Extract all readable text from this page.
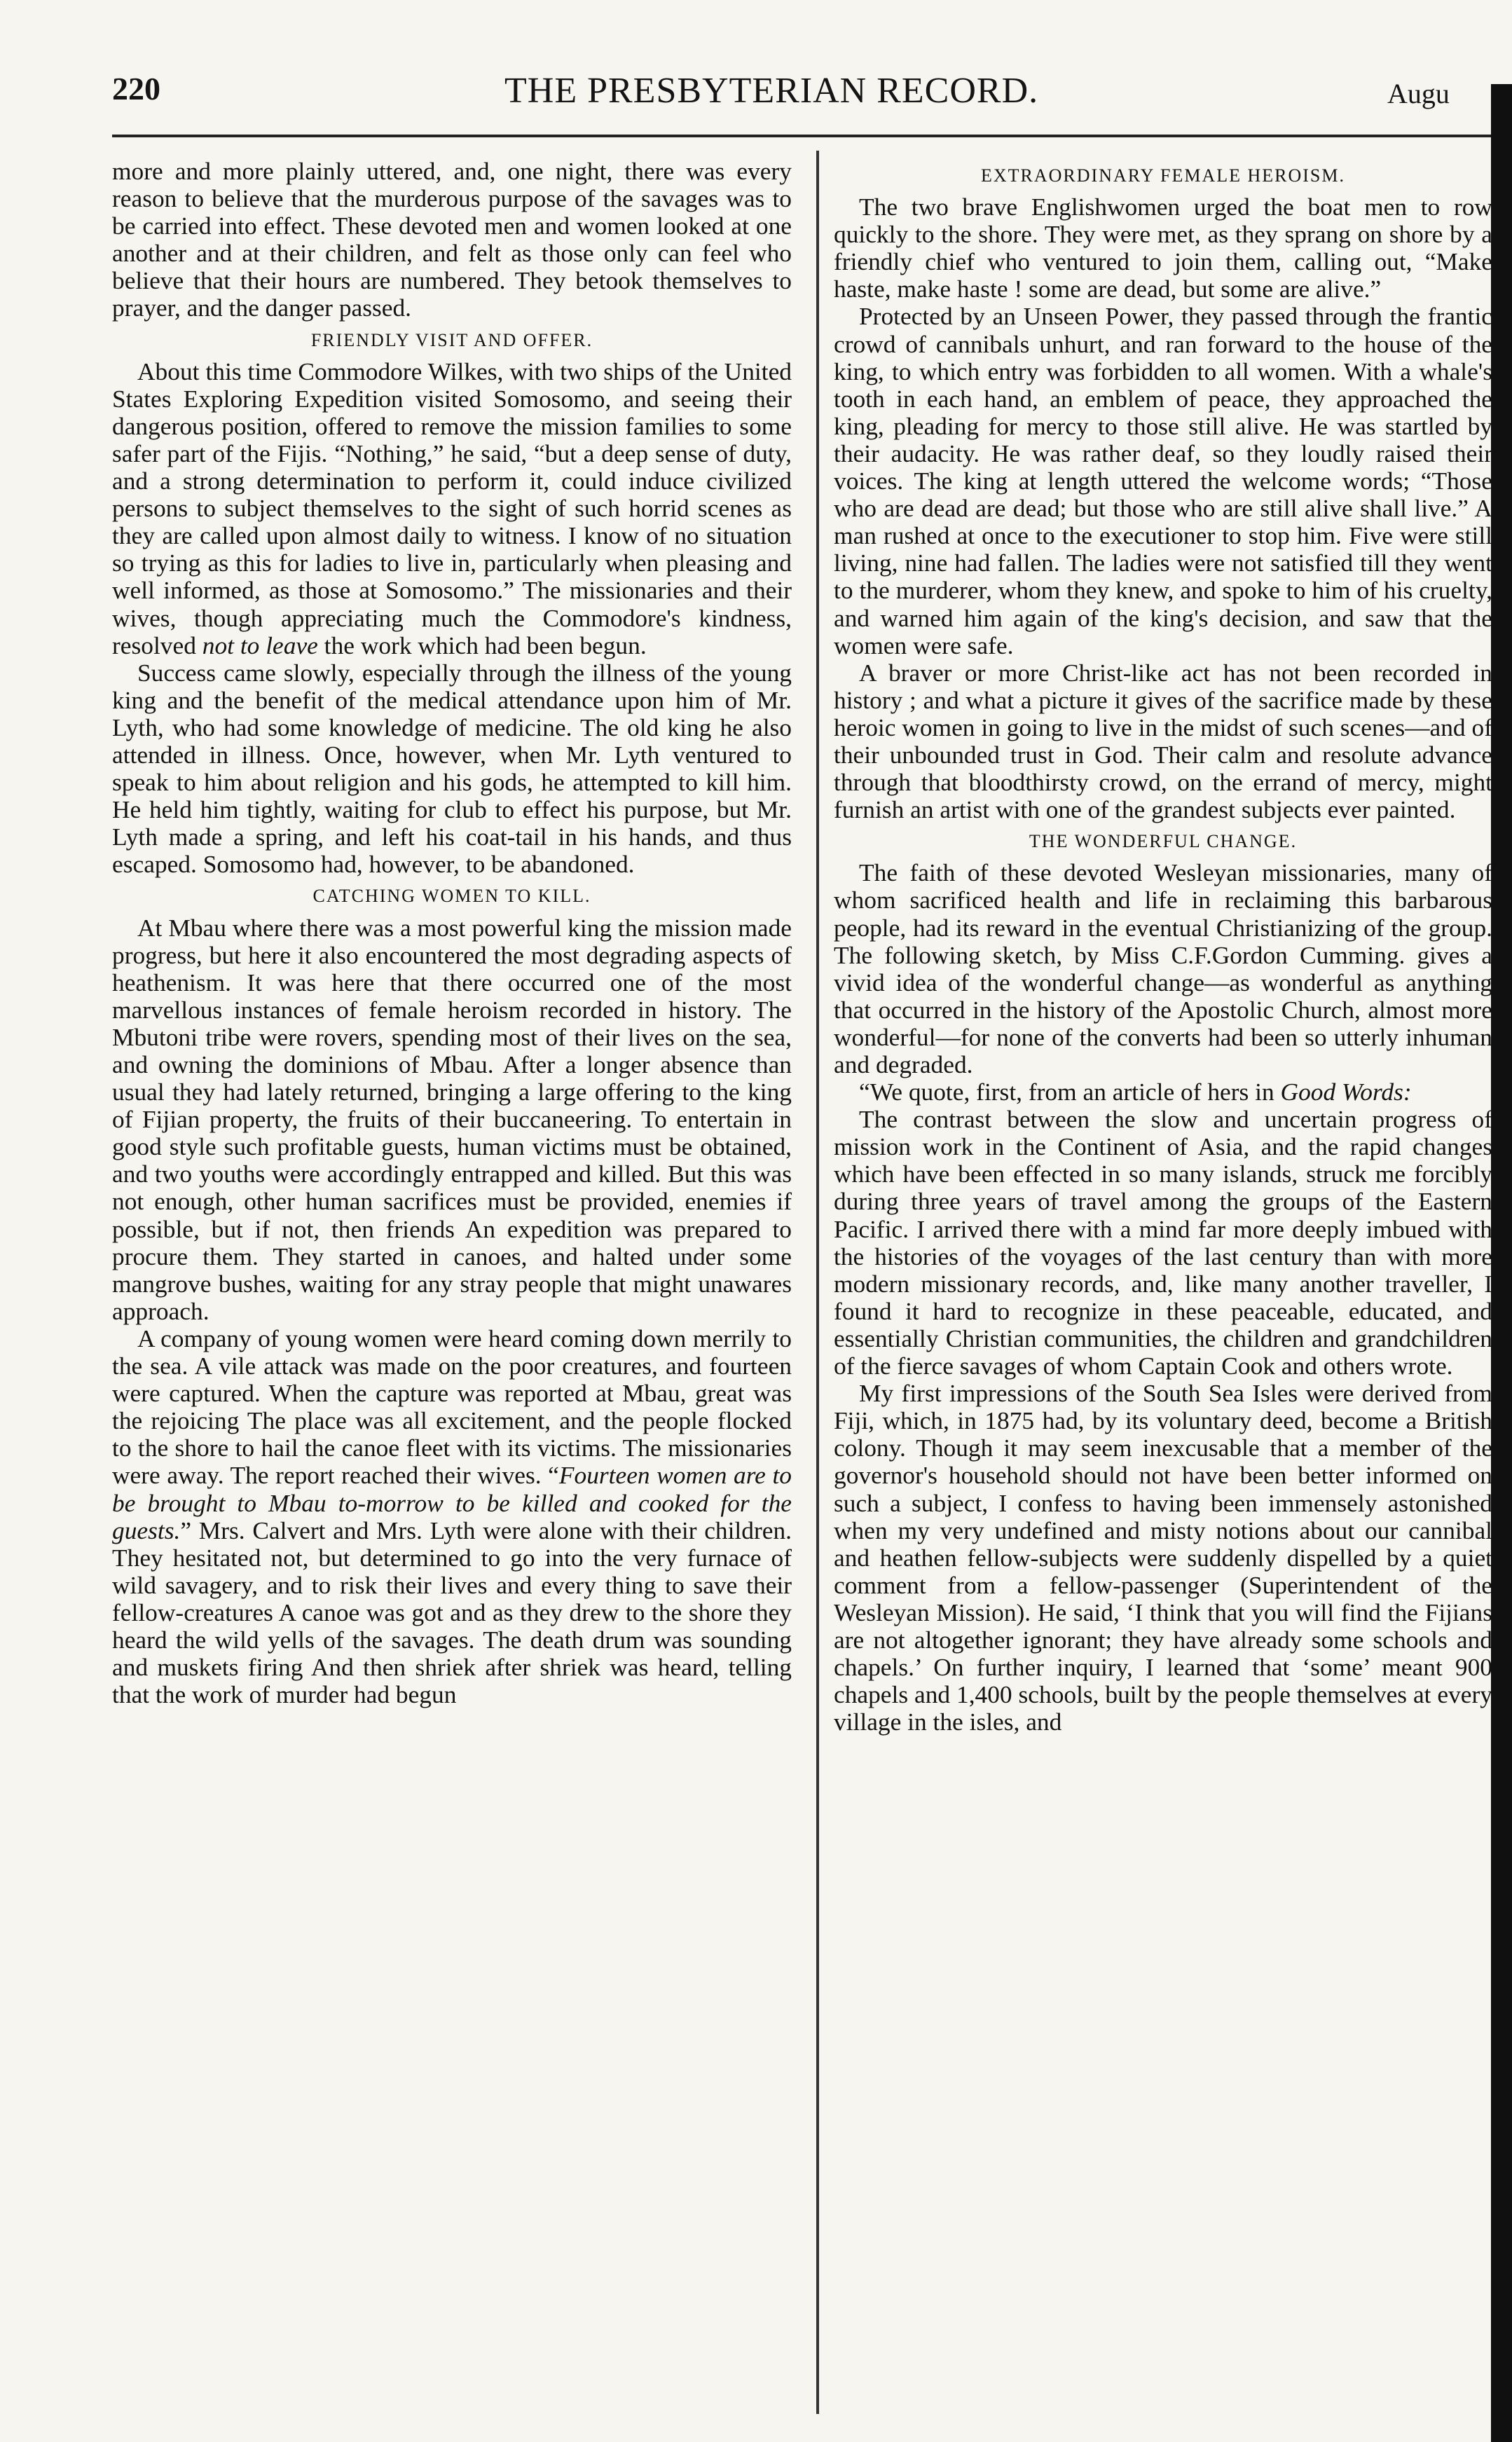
220	THE PRESBYTERIAN RECORD.	Augu

more and more plainly uttered, and, one night, there was every reason to believe that the murderous purpose of the savages was to be carried into effect. These devoted men and women looked at one another and at their children, and felt as those only can feel who believe that their hours are numbered. They betook themselves to prayer, and the danger passed.

FRIENDLY VISIT AND OFFER.

About this time Commodore Wilkes, with two ships of the United States Exploring Expedition visited Somosomo, and seeing their dangerous position, offered to remove the mission families to some safer part of the Fijis. “Nothing,” he said, “but a deep sense of duty, and a strong determination to perform it, could induce civilized persons to subject themselves to the sight of such horrid scenes as they are called upon almost daily to witness. I know of no situation so trying as this for ladies to live in, particularly when pleasing and well informed, as those at Somosomo.” The missionaries and their wives, though appreciating much the Commodore's kindness, resolved not to leave the work which had been begun.

Success came slowly, especially through the illness of the young king and the benefit of the medical attendance upon him of Mr. Lyth, who had some knowledge of medicine. The old king he also attended in illness. Once, however, when Mr. Lyth ventured to speak to him about religion and his gods, he attempted to kill him. He held him tightly, waiting for club to effect his purpose, but Mr. Lyth made a spring, and left his coat-tail in his hands, and thus escaped. Somosomo had, however, to be abandoned.

CATCHING WOMEN TO KILL.

At Mbau where there was a most powerful king the mission made progress, but here it also encountered the most degrading aspects of heathenism. It was here that there occurred one of the most marvellous instances of female heroism recorded in history. The Mbutoni tribe were rovers, spending most of their lives on the sea, and owning the dominions of Mbau. After a longer absence than usual they had lately returned, bringing a large offering to the king of Fijian property, the fruits of their buccaneering. To entertain in good style such profitable guests, human victims must be obtained, and two youths were accordingly entrapped and killed. But this was not enough, other human sacrifices must be provided, enemies if possible, but if not, then friends An expedition was prepared to procure them. They started in canoes, and halted under some mangrove bushes, waiting for any stray people that might unawares approach.

A company of young women were heard coming down merrily to the sea. A vile attack was made on the poor creatures, and fourteen were captured. When the capture was reported at Mbau, great was the rejoicing The place was all excitement, and the people flocked to the shore to hail the canoe fleet with its victims. The missionaries were away. The report reached their wives. “Fourteen women are to be brought to Mbau to-morrow to be killed and cooked for the guests.” Mrs. Calvert and Mrs. Lyth were alone with their children. They hesitated not, but determined to go into the very furnace of wild savagery, and to risk their lives and every thing to save their fellow-creatures A canoe was got and as they drew to the shore they heard the wild yells of the savages. The death drum was sounding and muskets firing And then shriek after shriek was heard, telling that the work of murder had begun

EXTRAORDINARY FEMALE HEROISM.

The two brave Englishwomen urged the boat men to row quickly to the shore. They were met, as they sprang on shore by a friendly chief who ventured to join them, calling out, “Make haste, make haste ! some are dead, but some are alive.”

Protected by an Unseen Power, they passed through the frantic crowd of cannibals unhurt, and ran forward to the house of the king, to which entry was forbidden to all women. With a whale's tooth in each hand, an emblem of peace, they approached the king, pleading for mercy to those still alive. He was startled by their audacity. He was rather deaf, so they loudly raised their voices. The king at length uttered the welcome words; “Those who are dead are dead; but those who are still alive shall live.” A man rushed at once to the executioner to stop him. Five were still living, nine had fallen. The ladies were not satisfied till they went to the murderer, whom they knew, and spoke to him of his cruelty, and warned him again of the king's decision, and saw that the women were safe.

A braver or more Christ-like act has not been recorded in history ; and what a picture it gives of the sacrifice made by these heroic women in going to live in the midst of such scenes—and of their unbounded trust in God. Their calm and resolute advance through that bloodthirsty crowd, on the errand of mercy, might furnish an artist with one of the grandest subjects ever painted.

THE WONDERFUL CHANGE.

The faith of these devoted Wesleyan missionaries, many of whom sacrificed health and life in reclaiming this barbarous people, had its reward in the eventual Christianizing of the group. The following sketch, by Miss C.F.Gordon Cumming. gives a vivid idea of the wonderful change—as wonderful as anything that occurred in the history of the Apostolic Church, almost more wonderful—for none of the converts had been so utterly inhuman and degraded.

“We quote, first, from an article of hers in Good Words:

The contrast between the slow and uncertain progress of mission work in the Continent of Asia, and the rapid changes which have been effected in so many islands, struck me forcibly during three years of travel among the groups of the Eastern Pacific. I arrived there with a mind far more deeply imbued with the histories of the voyages of the last century than with more modern missionary records, and, like many another traveller, I found it hard to recognize in these peaceable, educated, and essentially Christian communities, the children and grandchildren of the fierce savages of whom Captain Cook and others wrote.

My first impressions of the South Sea Isles were derived from Fiji, which, in 1875 had, by its voluntary deed, become a British colony. Though it may seem inexcusable that a member of the governor's household should not have been better informed on such a subject, I confess to having been immensely astonished when my very undefined and misty notions about our cannibal and heathen fellow-subjects were suddenly dispelled by a quiet comment from a fellow-passenger (Superintendent of the Wesleyan Mission). He said, ‘I think that you will find the Fijians are not altogether ignorant; they have already some schools and chapels.’ On further inquiry, I learned that ‘some’ meant 900 chapels and 1,400 schools, built by the people themselves at every village in the isles, and
